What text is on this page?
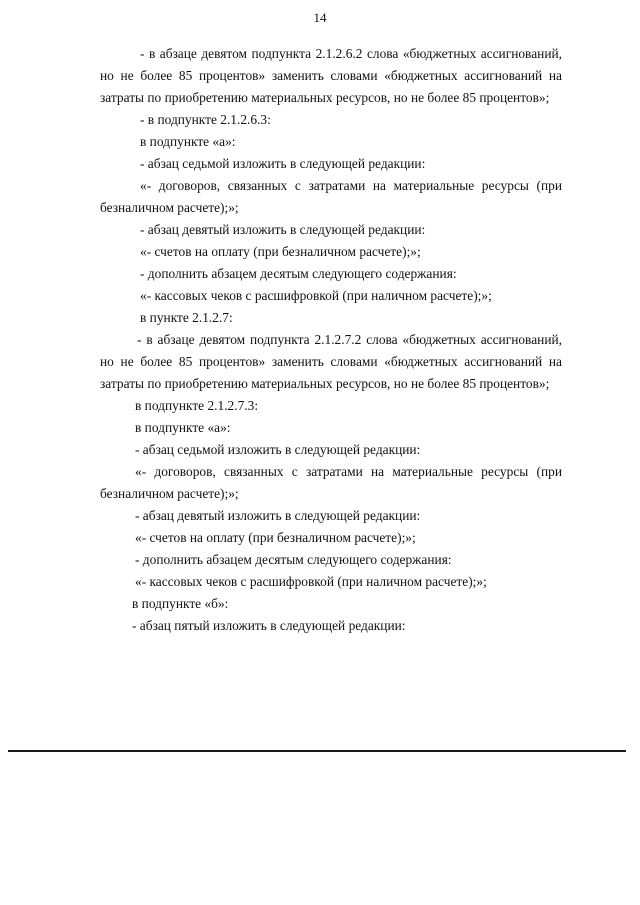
14

- в абзаце девятом подпункта 2.1.2.6.2 слова «бюджетных ассигнований, но не более 85 процентов» заменить словами «бюджетных ассигнований на затраты по приобретению материальных ресурсов, но не более 85 процентов»;

- в подпункте 2.1.2.6.3:

в подпункте «а»:

- абзац седьмой изложить в следующей редакции:

«- договоров, связанных с затратами на материальные ресурсы (при безналичном расчете);»;

- абзац девятый изложить в следующей редакции:

«- счетов на оплату (при безналичном расчете);»;

- дополнить абзацем десятым следующего содержания:

«- кассовых чеков с расшифровкой (при наличном расчете);»;

в пункте 2.1.2.7:

- в абзаце девятом подпункта 2.1.2.7.2 слова «бюджетных ассигнований, но не более 85 процентов» заменить словами «бюджетных ассигнований на затраты по приобретению материальных ресурсов, но не более 85 процентов»;

в подпункте 2.1.2.7.3:

в подпункте «а»:

- абзац седьмой изложить в следующей редакции:

«- договоров, связанных с затратами на материальные ресурсы (при безналичном расчете);»;

- абзац девятый изложить в следующей редакции:

«- счетов на оплату (при безналичном расчете);»;

- дополнить абзацем десятым следующего содержания:

«- кассовых чеков с расшифровкой (при наличном расчете);»;

в подпункте «б»:

- абзац пятый изложить в следующей редакции:
